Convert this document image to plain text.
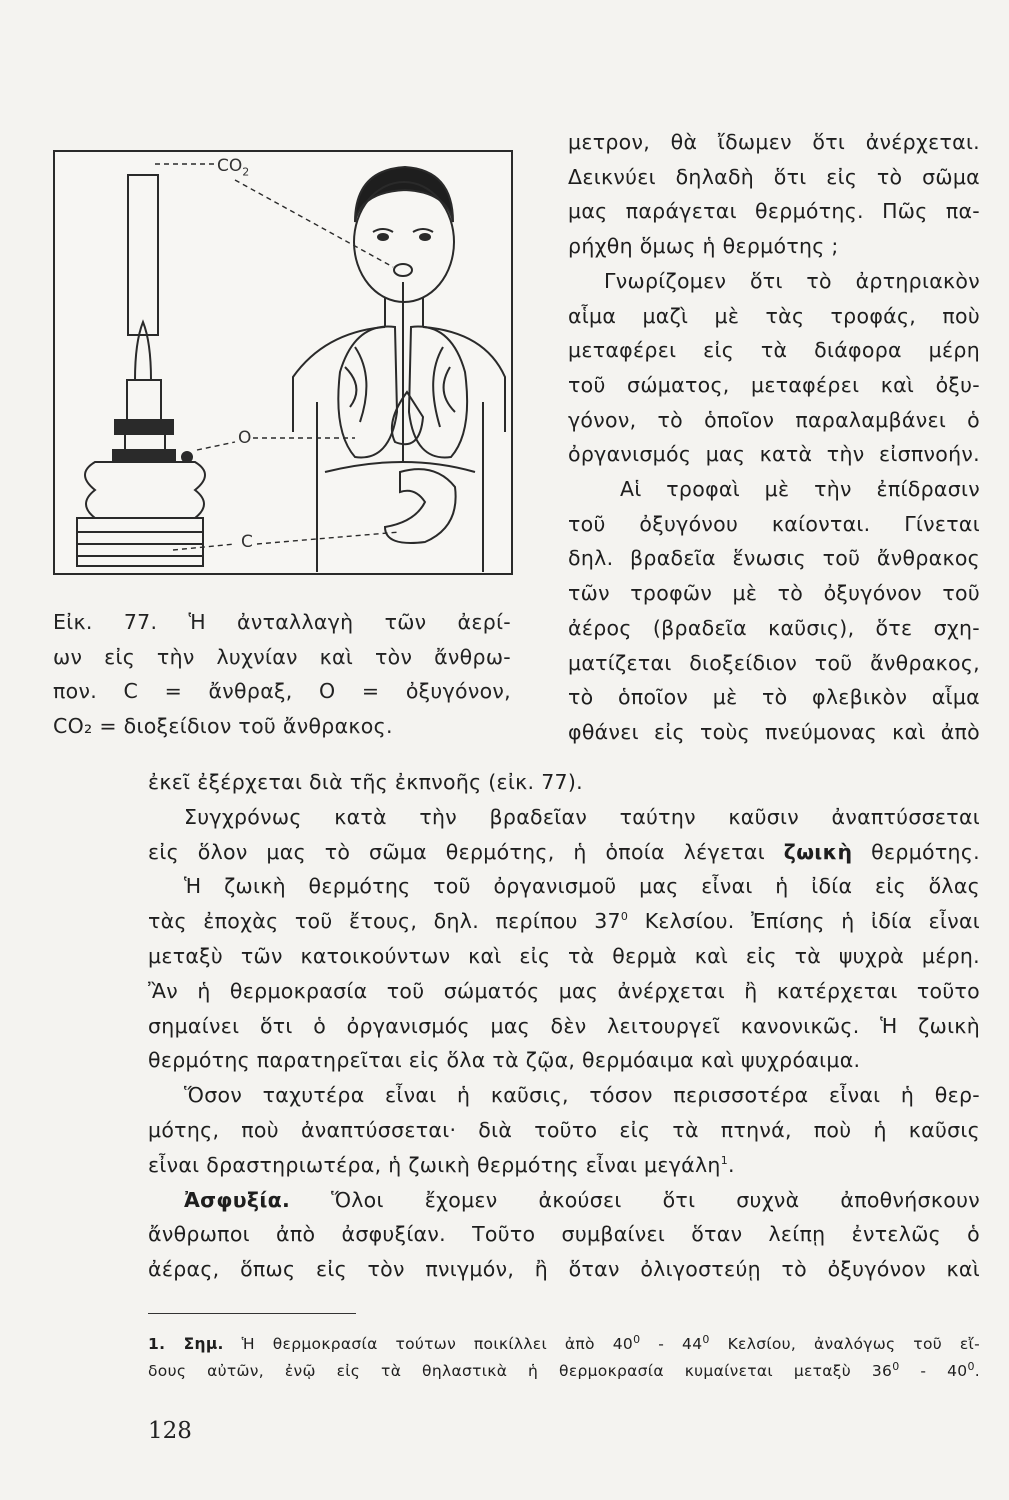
$CO_2$
O
C
Εἰκ. 77. Ἡ ἀνταλλαγὴ τῶν ἀερί-
ων εἰς τὴν λυχνίαν καὶ τὸν ἄνθρω-
πον. C = ἄνθραξ, O = ὀξυγόνον,
CO₂ = διοξείδιον τοῦ ἄνθρακος.
μετρον, θὰ ἴδωμεν ὅτι ἀνέρχεται.
Δεικνύει δηλαδὴ ὅτι εἰς τὸ σῶμα
μας παράγεται θερμότης. Πῶς πα-
ρήχθη ὅμως ἡ θερμότης ;
Γνωρίζομεν ὅτι τὸ ἀρτηριακὸν
αἷμα μαζὶ μὲ τὰς τροφάς, ποὺ
μεταφέρει εἰς τὰ διάφορα μέρη
τοῦ σώματος, μεταφέρει καὶ ὀξυ-
γόνον, τὸ ὁποῖον παραλαμβάνει ὁ
ὀργανισμός μας κατὰ τὴν εἰσπνοήν.
Αἱ τροφαὶ μὲ τὴν ἐπίδρασιν
τοῦ ὀξυγόνου καίονται. Γίνεται
δηλ. βραδεῖα ἕνωσις τοῦ ἄνθρακος
τῶν τροφῶν μὲ τὸ ὀξυγόνον τοῦ
ἀέρος (βραδεῖα καῦσις), ὅτε σχη-
ματίζεται διοξείδιον τοῦ ἄνθρακος,
τὸ ὁποῖον μὲ τὸ φλεβικὸν αἷμα
φθάνει εἰς τοὺς πνεύμονας καὶ ἀπὸ
ἐκεῖ ἐξέρχεται διὰ τῆς ἐκπνοῆς (εἰκ. 77).
Συγχρόνως κατὰ τὴν βραδεῖαν ταύτην καῦσιν ἀναπτύσσεται
εἰς ὅλον μας τὸ σῶμα θερμότης, ἡ ὁποία λέγεται ζωικὴ θερμότης.
Ἡ ζωικὴ θερμότης τοῦ ὀργανισμοῦ μας εἶναι ἡ ἰδία εἰς ὅλας
τὰς ἐποχὰς τοῦ ἔτους, δηλ. περίπου $37^0$ Κελσίου. Ἐπίσης ἡ ἰδία εἶναι
μεταξὺ τῶν κατοικούντων καὶ εἰς τὰ θερμὰ καὶ εἰς τὰ ψυχρὰ μέρη.
Ἂν ἡ θερμοκρασία τοῦ σώματός μας ἀνέρχεται ἢ κατέρχεται τοῦτο
σημαίνει ὅτι ὁ ὀργανισμός μας δὲν λειτουργεῖ κανονικῶς. Ἡ ζωικὴ
θερμότης παρατηρεῖται εἰς ὅλα τὰ ζῷα, θερμόαιμα καὶ ψυχρόαιμα.
Ὅσον ταχυτέρα εἶναι ἡ καῦσις, τόσον περισσοτέρα εἶναι ἡ θερ-
μότης, ποὺ ἀναπτύσσεται· διὰ τοῦτο εἰς τὰ πτηνά, ποὺ ἡ καῦσις
εἶναι δραστηριωτέρα, ἡ ζωικὴ θερμότης εἶναι μεγάλη$^1$.
Ἀσφυξία. Ὅλοι ἔχομεν ἀκούσει ὅτι συχνὰ ἀποθνήσκουν
ἄνθρωποι ἀπὸ ἀσφυξίαν. Τοῦτο συμβαίνει ὅταν λείπῃ ἐντελῶς ὁ
ἀέρας, ὅπως εἰς τὸν πνιγμόν, ἢ ὅταν ὀλιγοστεύῃ τὸ ὀξυγόνον καὶ
1. Σημ. Ἡ θερμοκρασία τούτων ποικίλλει ἀπὸ $40^0 - 44^0$ Κελσίου, ἀναλόγως τοῦ εἴ-
δους αὐτῶν, ἐνῷ εἰς τὰ θηλαστικὰ ἡ θερμοκρασία κυμαίνεται μεταξὺ $36^0 - 40^0$.
128
